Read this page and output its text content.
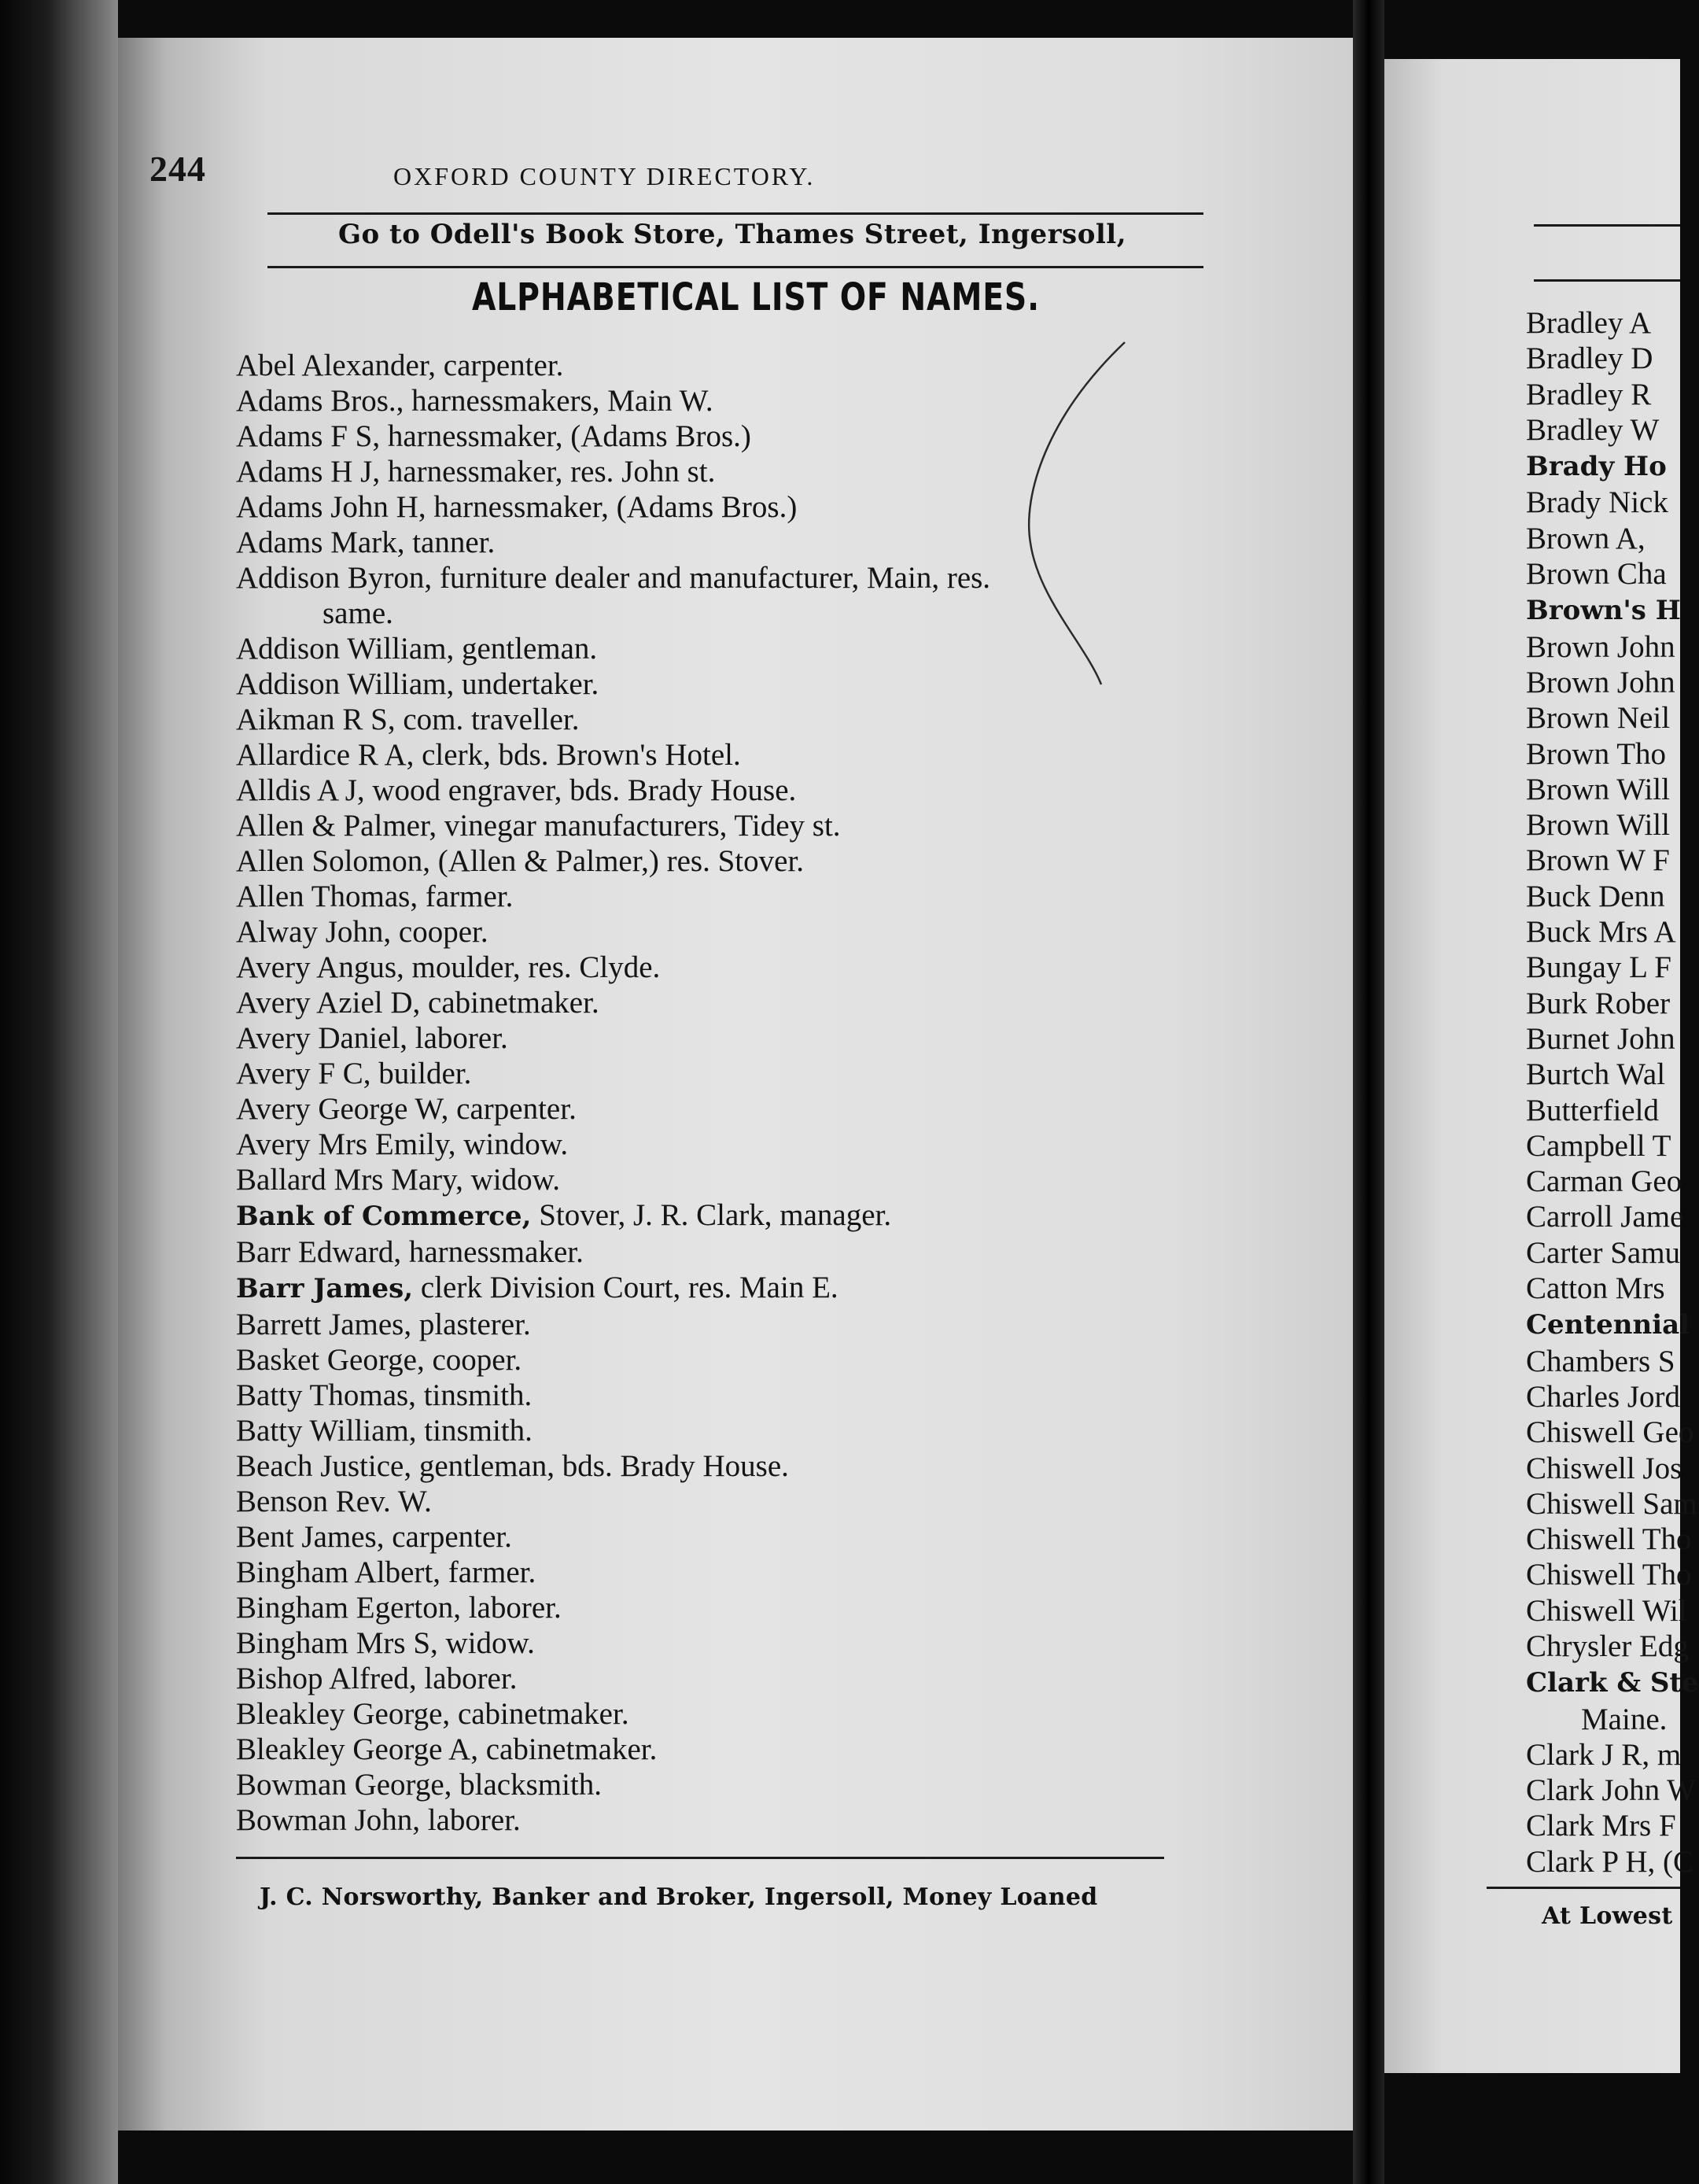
244	OXFORD COUNTY DIRECTORY.
Go to Odell's Book Store, Thames Street, Ingersoll,
ALPHABETICAL LIST OF NAMES.
Abel Alexander, carpenter.
Adams Bros., harnessmakers, Main W.
Adams F S, harnessmaker, (Adams Bros.)
Adams H J, harnessmaker, res. John st.
Adams John H, harnessmaker, (Adams Bros.)
Adams Mark, tanner.
Addison Byron, furniture dealer and manufacturer, Main, res.
same.
Addison William, gentleman.
Addison William, undertaker.
Aikman R S, com. traveller.
Allardice R A, clerk, bds. Brown's Hotel.
Alldis A J, wood engraver, bds. Brady House.
Allen & Palmer, vinegar manufacturers, Tidey st.
Allen Solomon, (Allen & Palmer,) res. Stover.
Allen Thomas, farmer.
Alway John, cooper.
Avery Angus, moulder, res. Clyde.
Avery Aziel D, cabinetmaker.
Avery Daniel, laborer.
Avery F C, builder.
Avery George W, carpenter.
Avery Mrs Emily, window.
Ballard Mrs Mary, widow.
Bank of Commerce, Stover, J. R. Clark, manager.
Barr Edward, harnessmaker.
Barr James, clerk Division Court, res. Main E.
Barrett James, plasterer.
Basket George, cooper.
Batty Thomas, tinsmith.
Batty William, tinsmith.
Beach Justice, gentleman, bds. Brady House.
Benson Rev. W.
Bent James, carpenter.
Bingham Albert, farmer.
Bingham Egerton, laborer.
Bingham Mrs S, widow.
Bishop Alfred, laborer.
Bleakley George, cabinetmaker.
Bleakley George A, cabinetmaker.
Bowman George, blacksmith.
Bowman John, laborer.
J. C. Norsworthy, Banker and Broker, Ingersoll, Money Loaned
Bradley A
Bradley D
Bradley R
Bradley W
Brady Ho
Brady Nick
Brown A,
Brown Cha
Brown's H
Brown John
Brown John
Brown Neil
Brown Tho
Brown Will
Brown Will
Brown W F
Buck Denn
Buck Mrs A
Bungay L F
Burk Rober
Burnet John
Burtch Wal
Butterfield
Campbell T
Carman Geo
Carroll Jame
Carter Samu
Catton Mrs
Centennial
Chambers S
Charles Jord
Chiswell Geo
Chiswell Jos
Chiswell Sam
Chiswell Tho
Chiswell Tho
Chiswell Wil
Chrysler Edg
Clark & Ste
Maine.
Clark J R, m
Clark John W
Clark Mrs F
Clark P H, (C
At Lowest
